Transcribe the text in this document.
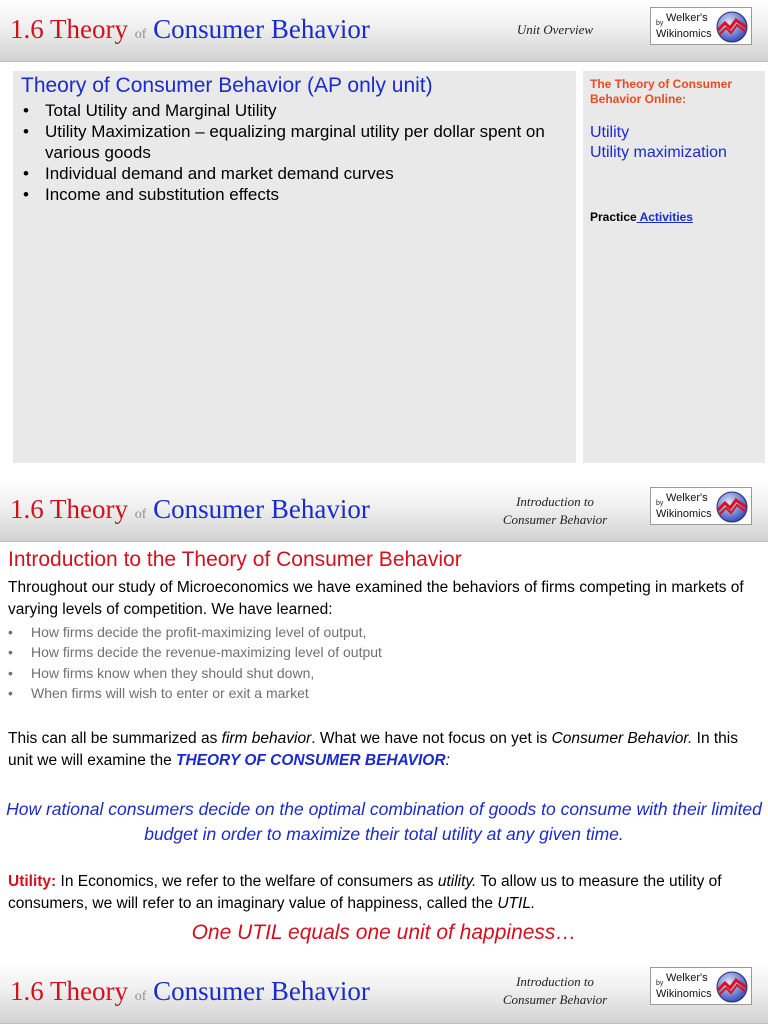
1.6 Theory of Consumer Behavior	Unit Overview	by Welker's
Wikinomics
Theory of Consumer Behavior (AP only unit)
• Total Utility and Marginal Utility
• Utility Maximization – equalizing marginal utility per dollar spent on various goods
• Individual demand and market demand curves
• Income and substitution effects
The Theory of Consumer Behavior Online:
Utility
Utility maximization
Practice Activities
1.6 Theory of Consumer Behavior	Introduction to
Consumer Behavior
by Welker's
Wikinomics
Introduction to the Theory of Consumer Behavior
Throughout our study of Microeconomics we have examined the behaviors of firms competing in markets of varying levels of competition. We have learned:
• How firms decide the profit-maximizing level of output,
• How firms decide the revenue-maximizing level of output
• How firms know when they should shut down,
• When firms will wish to enter or exit a market
This can all be summarized as firm behavior. What we have not focus on yet is Consumer Behavior. In this unit we will examine the THEORY OF CONSUMER BEHAVIOR:
How rational consumers decide on the optimal combination of goods to consume with their limited budget in order to maximize their total utility at any given time.
Utility: In Economics, we refer to the welfare of consumers as utility. To allow us to measure the utility of consumers, we will refer to an imaginary value of happiness, called the UTIL.
One UTIL equals one unit of happiness…
1.6 Theory of Consumer Behavior	Introduction to
Consumer Behavior
by Welker's
Wikinomics
